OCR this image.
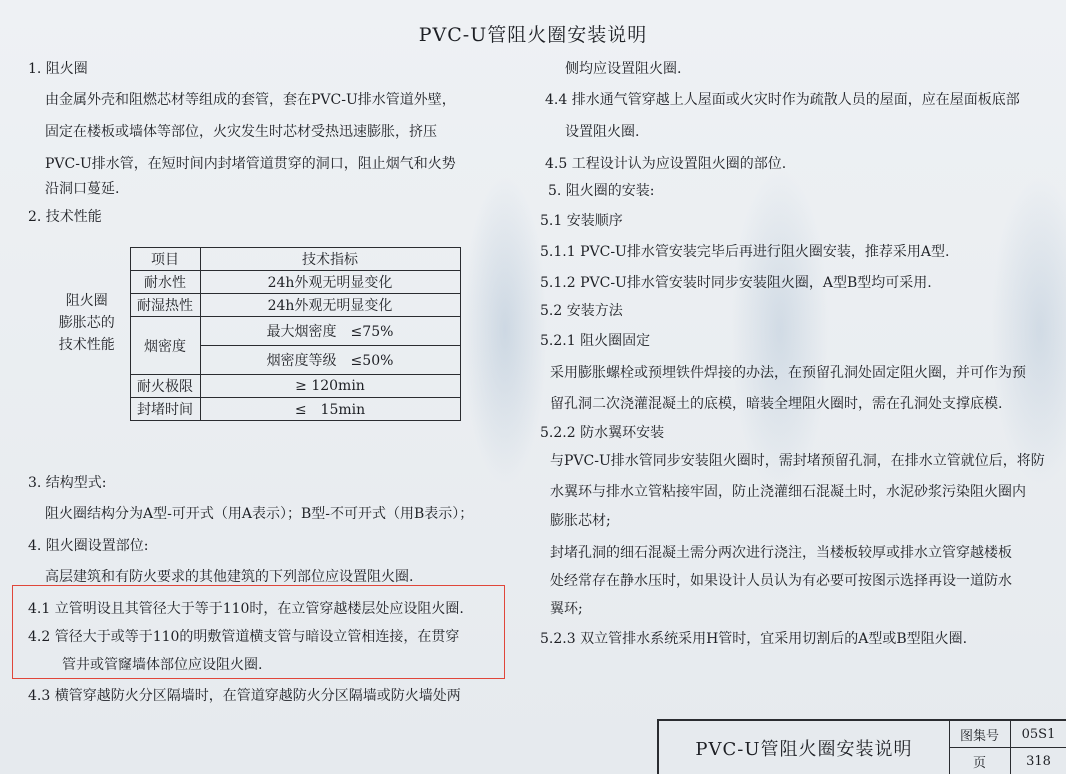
PVC-U管阻火圈安装说明
1. 阻火圈
由金属外壳和阻燃芯材等组成的套管，套在PVC-U排水管道外壁，
固定在楼板或墙体等部位，火灾发生时芯材受热迅速膨胀，挤压
PVC-U排水管，在短时间内封堵管道贯穿的洞口，阻止烟气和火势
沿洞口蔓延.
2. 技术性能
阻火圈
膨胀芯的
技术性能	项目	技术指标
	耐水性	24h外观无明显变化
	耐湿热性	24h外观无明显变化
	烟密度	最大烟密度　≤75%
		烟密度等级　≤50%
	耐火极限	≥ 120min
	封堵时间	≤　15min
3. 结构型式:
阻火圈结构分为A型-可开式（用A表示）；B型-不可开式（用B表示）；
4. 阻火圈设置部位:
高层建筑和有防火要求的其他建筑的下列部位应设置阻火圈.
4.1 立管明设且其管径大于等于110时，在立管穿越楼层处应设阻火圈.
4.2 管径大于或等于110的明敷管道横支管与暗设立管相连接，在贯穿
管井或管窿墙体部位应设阻火圈.
4.3 横管穿越防火分区隔墙时，在管道穿越防火分区隔墙或防火墙处两
侧均应设置阻火圈.
4.4 排水通气管穿越上人屋面或火灾时作为疏散人员的屋面，应在屋面板底部
设置阻火圈.
4.5 工程设计认为应设置阻火圈的部位.
5. 阻火圈的安装:
5.1 安装顺序
5.1.1 PVC-U排水管安装完毕后再进行阻火圈安装，推荐采用A型.
5.1.2 PVC-U排水管安装时同步安装阻火圈，A型B型均可采用.
5.2 安装方法
5.2.1 阻火圈固定
采用膨胀螺栓或预埋铁件焊接的办法，在预留孔洞处固定阻火圈，并可作为预
留孔洞二次浇灌混凝土的底模，暗装全埋阻火圈时，需在孔洞处支撑底模.
5.2.2 防水翼环安装
与PVC-U排水管同步安装阻火圈时，需封堵预留孔洞，在排水立管就位后，将防
水翼环与排水立管粘接牢固，防止浇灌细石混凝土时，水泥砂浆污染阻火圈内
膨胀芯材;
封堵孔洞的细石混凝土需分两次进行浇注，当楼板较厚或排水立管穿越楼板
处经常存在静水压时，如果设计人员认为有必要可按图示选择再设一道防水
翼环;
5.2.3 双立管排水系统采用H管时，宜采用切割后的A型或B型阻火圈.
PVC-U管阻火圈安装说明
图集号	05S1
页	318
